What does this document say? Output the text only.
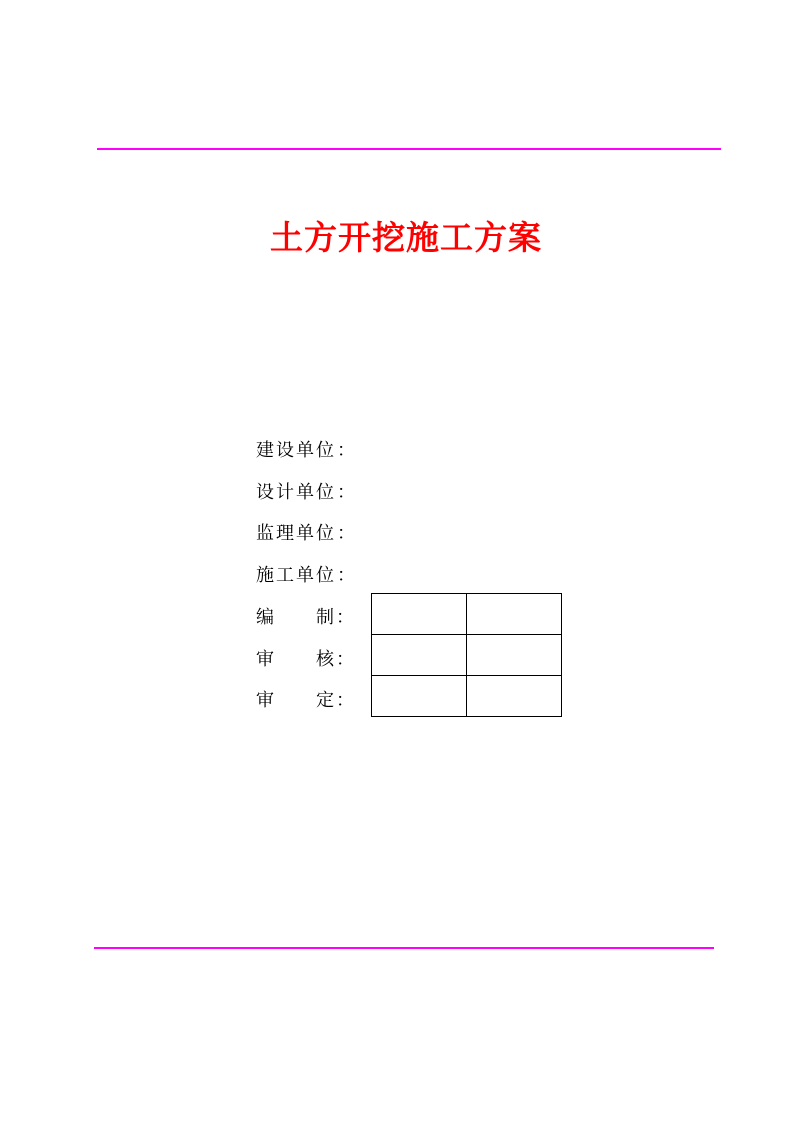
土方开挖施工方案
建设单位：
设计单位：
监理单位：
施工单位：
编 制：
审 核：
审 定：
